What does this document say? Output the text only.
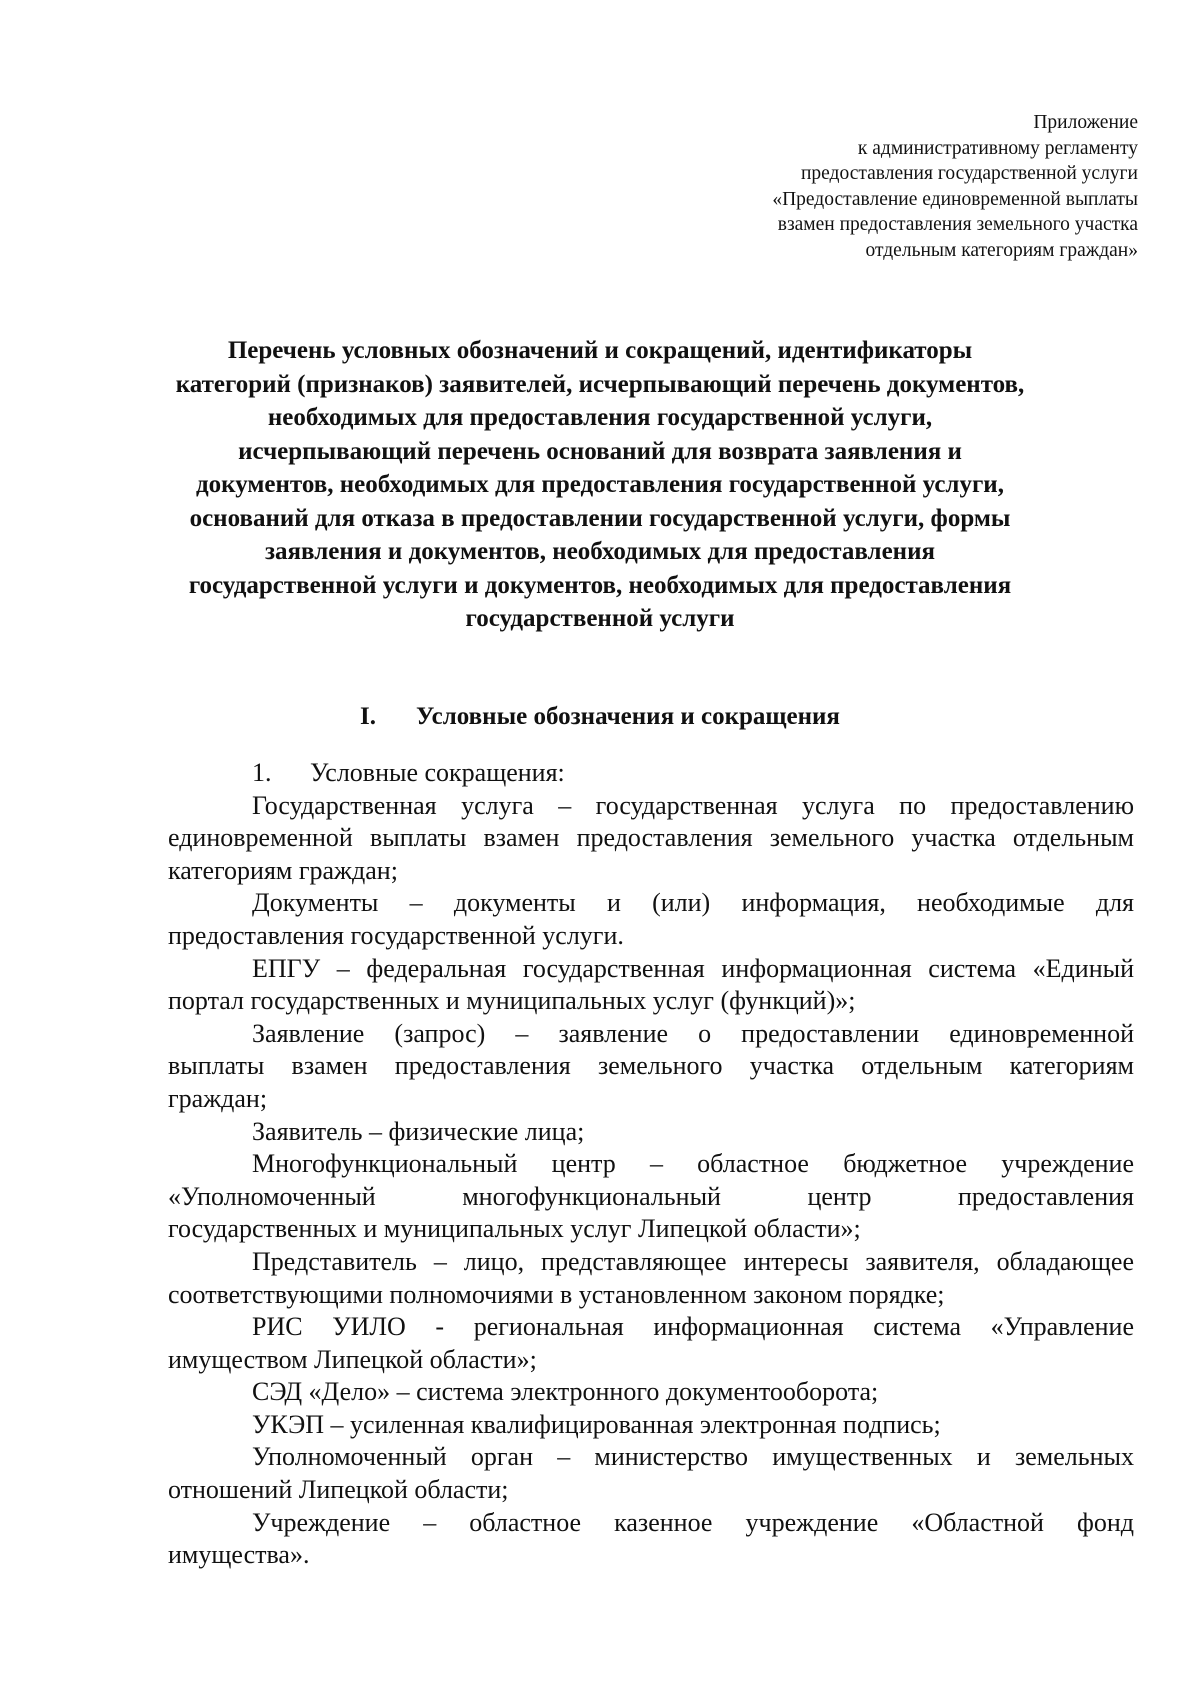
Приложение
к административному регламенту
предоставления государственной услуги
«Предоставление единовременной выплаты
взамен предоставления земельного участка
отдельным категориям граждан»
Перечень условных обозначений и сокращений, идентификаторы
категорий (признаков) заявителей, исчерпывающий перечень документов,
необходимых для предоставления государственной услуги,
исчерпывающий перечень оснований для возврата заявления и
документов, необходимых для предоставления государственной услуги,
оснований для отказа в предоставлении государственной услуги, формы
заявления и документов, необходимых для предоставления
государственной услуги и документов, необходимых для предоставления
государственной услуги
I. Условные обозначения и сокращения
1. Условные сокращения:
Государственная услуга – государственная услуга по предоставлению
единовременной выплаты взамен предоставления земельного участка отдельным
категориям граждан;
Документы – документы и (или) информация, необходимые для
предоставления государственной услуги.
ЕПГУ – федеральная государственная информационная система «Единый
портал государственных и муниципальных услуг (функций)»;
Заявление (запрос) – заявление о предоставлении единовременной
выплаты взамен предоставления земельного участка отдельным категориям
граждан;
Заявитель – физические лица;
Многофункциональный центр – областное бюджетное учреждение
«Уполномоченный многофункциональный центр предоставления
государственных и муниципальных услуг Липецкой области»;
Представитель – лицо, представляющее интересы заявителя, обладающее
соответствующими полномочиями в установленном законом порядке;
РИС УИЛО - региональная информационная система «Управление
имуществом Липецкой области»;
СЭД «Дело» – система электронного документооборота;
УКЭП – усиленная квалифицированная электронная подпись;
Уполномоченный орган – министерство имущественных и земельных
отношений Липецкой области;
Учреждение – областное казенное учреждение «Областной фонд
имущества».
